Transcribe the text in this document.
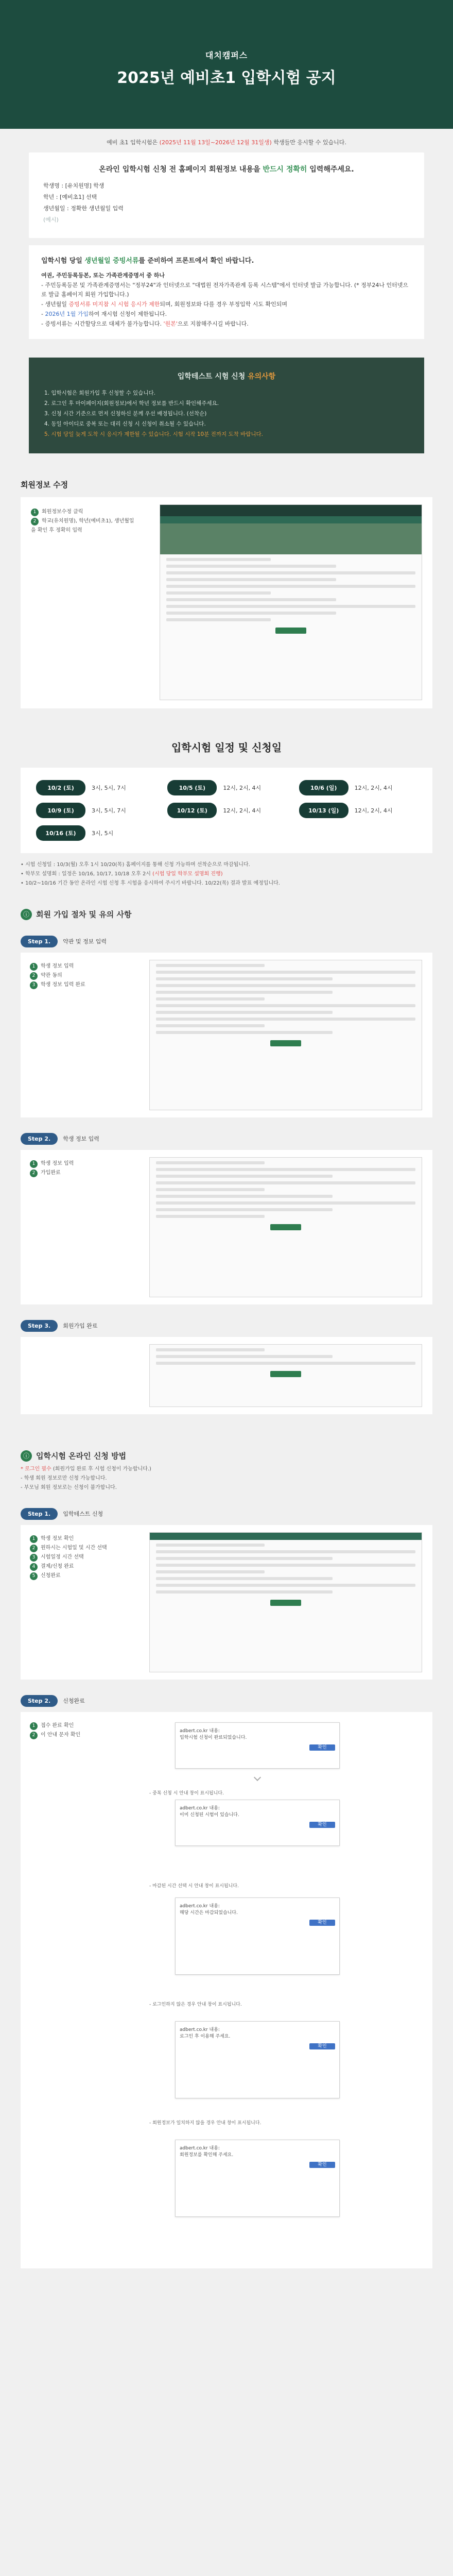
대치캠퍼스
2025년 예비초1 입학시험 공지
예비 초1 입학시험은 (2025년 11월 13일~2026년 12월 31일생) 학생들만 응시할 수 있습니다.
온라인 입학시험 신청 전 홈페이지 회원정보 내용을 반드시 정확히 입력해주세요.
학생명 : [유치원명] 학생
학년 : [예비초1] 선택
생년월일 : 정확한 생년월일 입력
(예시)
입학시험 당일 생년월일 증빙서류를 준비하여 프론트에서 확인 바랍니다.
여권, 주민등록등본, 또는 가족관계증명서 중 하나
- 주민등록등본 및 가족관계증명서는 "정부24"과 인터넷으로 "대법원 전자가족관계 등록 시스템"에서 인터넷 발급 가능합니다. (* 정부24나 인터넷으로 발급 홈페이지 회원 가입합니다.)
- 생년월일 증빙서류 미지참 시 시험 응시가 제한되며, 회원정보와 다를 경우 부정입학 시도 확인되며
- 2026년 1월 가입하여 재시험 신청이 제한됩니다.
- 증빙서류는 시간할당으로 대체가 불가능합니다. '원본'으로 지참해주시길 바랍니다.
입학테스트 시험 신청 유의사항
1. 입학시험은 회원가입 후 신청할 수 있습니다.
2. 로그인 후 마이페이지(회원정보)에서 학년 정보를 반드시 확인해주세요.
3. 신청 시간 기준으로 먼저 신청하신 분께 우선 배정됩니다. (선착순)
4. 동일 아이디로 중복 또는 대리 신청 시 신청이 취소될 수 있습니다.
5. 시험 당일 늦게 도착 시 응시가 제한될 수 있습니다. 시험 시작 10분 전까지 도착 바랍니다.
회원정보 수정
1 회원정보수정 클릭
2 학교(유치원명), 학년(예비초1), 생년월일을 확인 후 정확히 입력
입학시험 일정 및 신청일
10/2 (토)	3시, 5시, 7시	10/5 (토)	12시, 2시, 4시	10/6 (일)	12시, 2시, 4시
10/9 (토)	3시, 5시, 7시	10/12 (토)	12시, 2시, 4시	10/13 (일)	12시, 2시, 4시
10/16 (토)	3시, 5시
• 시험 신청일 : 10/3(월) 오후 1시 10/20(목) 홈페이지를 통해 신청 가능하며 선착순으로 마감됩니다.
• 학부모 설명회 : 일정은 10/16, 10/17, 10/18 오후 2시 (시험 당일 학부모 설명회 진행)
• 10/2~10/16 기간 동안 온라인 시험 신청 후 시험을 응시하여 주시기 바랍니다. 10/22(목) 결과 발표 예정입니다.
ⓘ 회원 가입 절차 및 유의 사항
Step 1.	약관 및 정보 입력
1 학생 정보 입력
2 약관 동의
3 학생 정보 입력 완료
Step 2.	학생 정보 입력
1 학생 정보 입력
2 가입완료
Step 3.	회원가입 완료
ⓘ 입학시험 온라인 신청 방법
* 로그인 필수 (회원가입 완료 후 시험 신청이 가능합니다.)
- 학생 회원 정보로만 신청 가능합니다.
- 부모님 회원 정보로는 신청이 불가합니다.
Step 1.	입학테스트 신청
1 학생 정보 확인
2 원하시는 시험일 및 시간 선택
3 시험일정 시간 선택
4 결제/신청 완료
5 신청완료
Step 2.	신청완료
1 접수 완료 확인
2 이 안내 문자 확인
adbert.co.kr 내용:
입학시험 신청이 완료되었습니다.
확인
- 중복 신청 시 안내 창이 표시됩니다.
adbert.co.kr 내용:
이미 신청된 시험이 있습니다.
확인
- 마감된 시간 선택 시 안내 창이 표시됩니다.
adbert.co.kr 내용:
해당 시간은 마감되었습니다.
확인
- 로그인하지 않은 경우 안내 창이 표시됩니다.
adbert.co.kr 내용:
로그인 후 이용해 주세요.
확인
- 회원정보가 일치하지 않을 경우 안내 창이 표시됩니다.
adbert.co.kr 내용:
회원정보를 확인해 주세요.
확인
